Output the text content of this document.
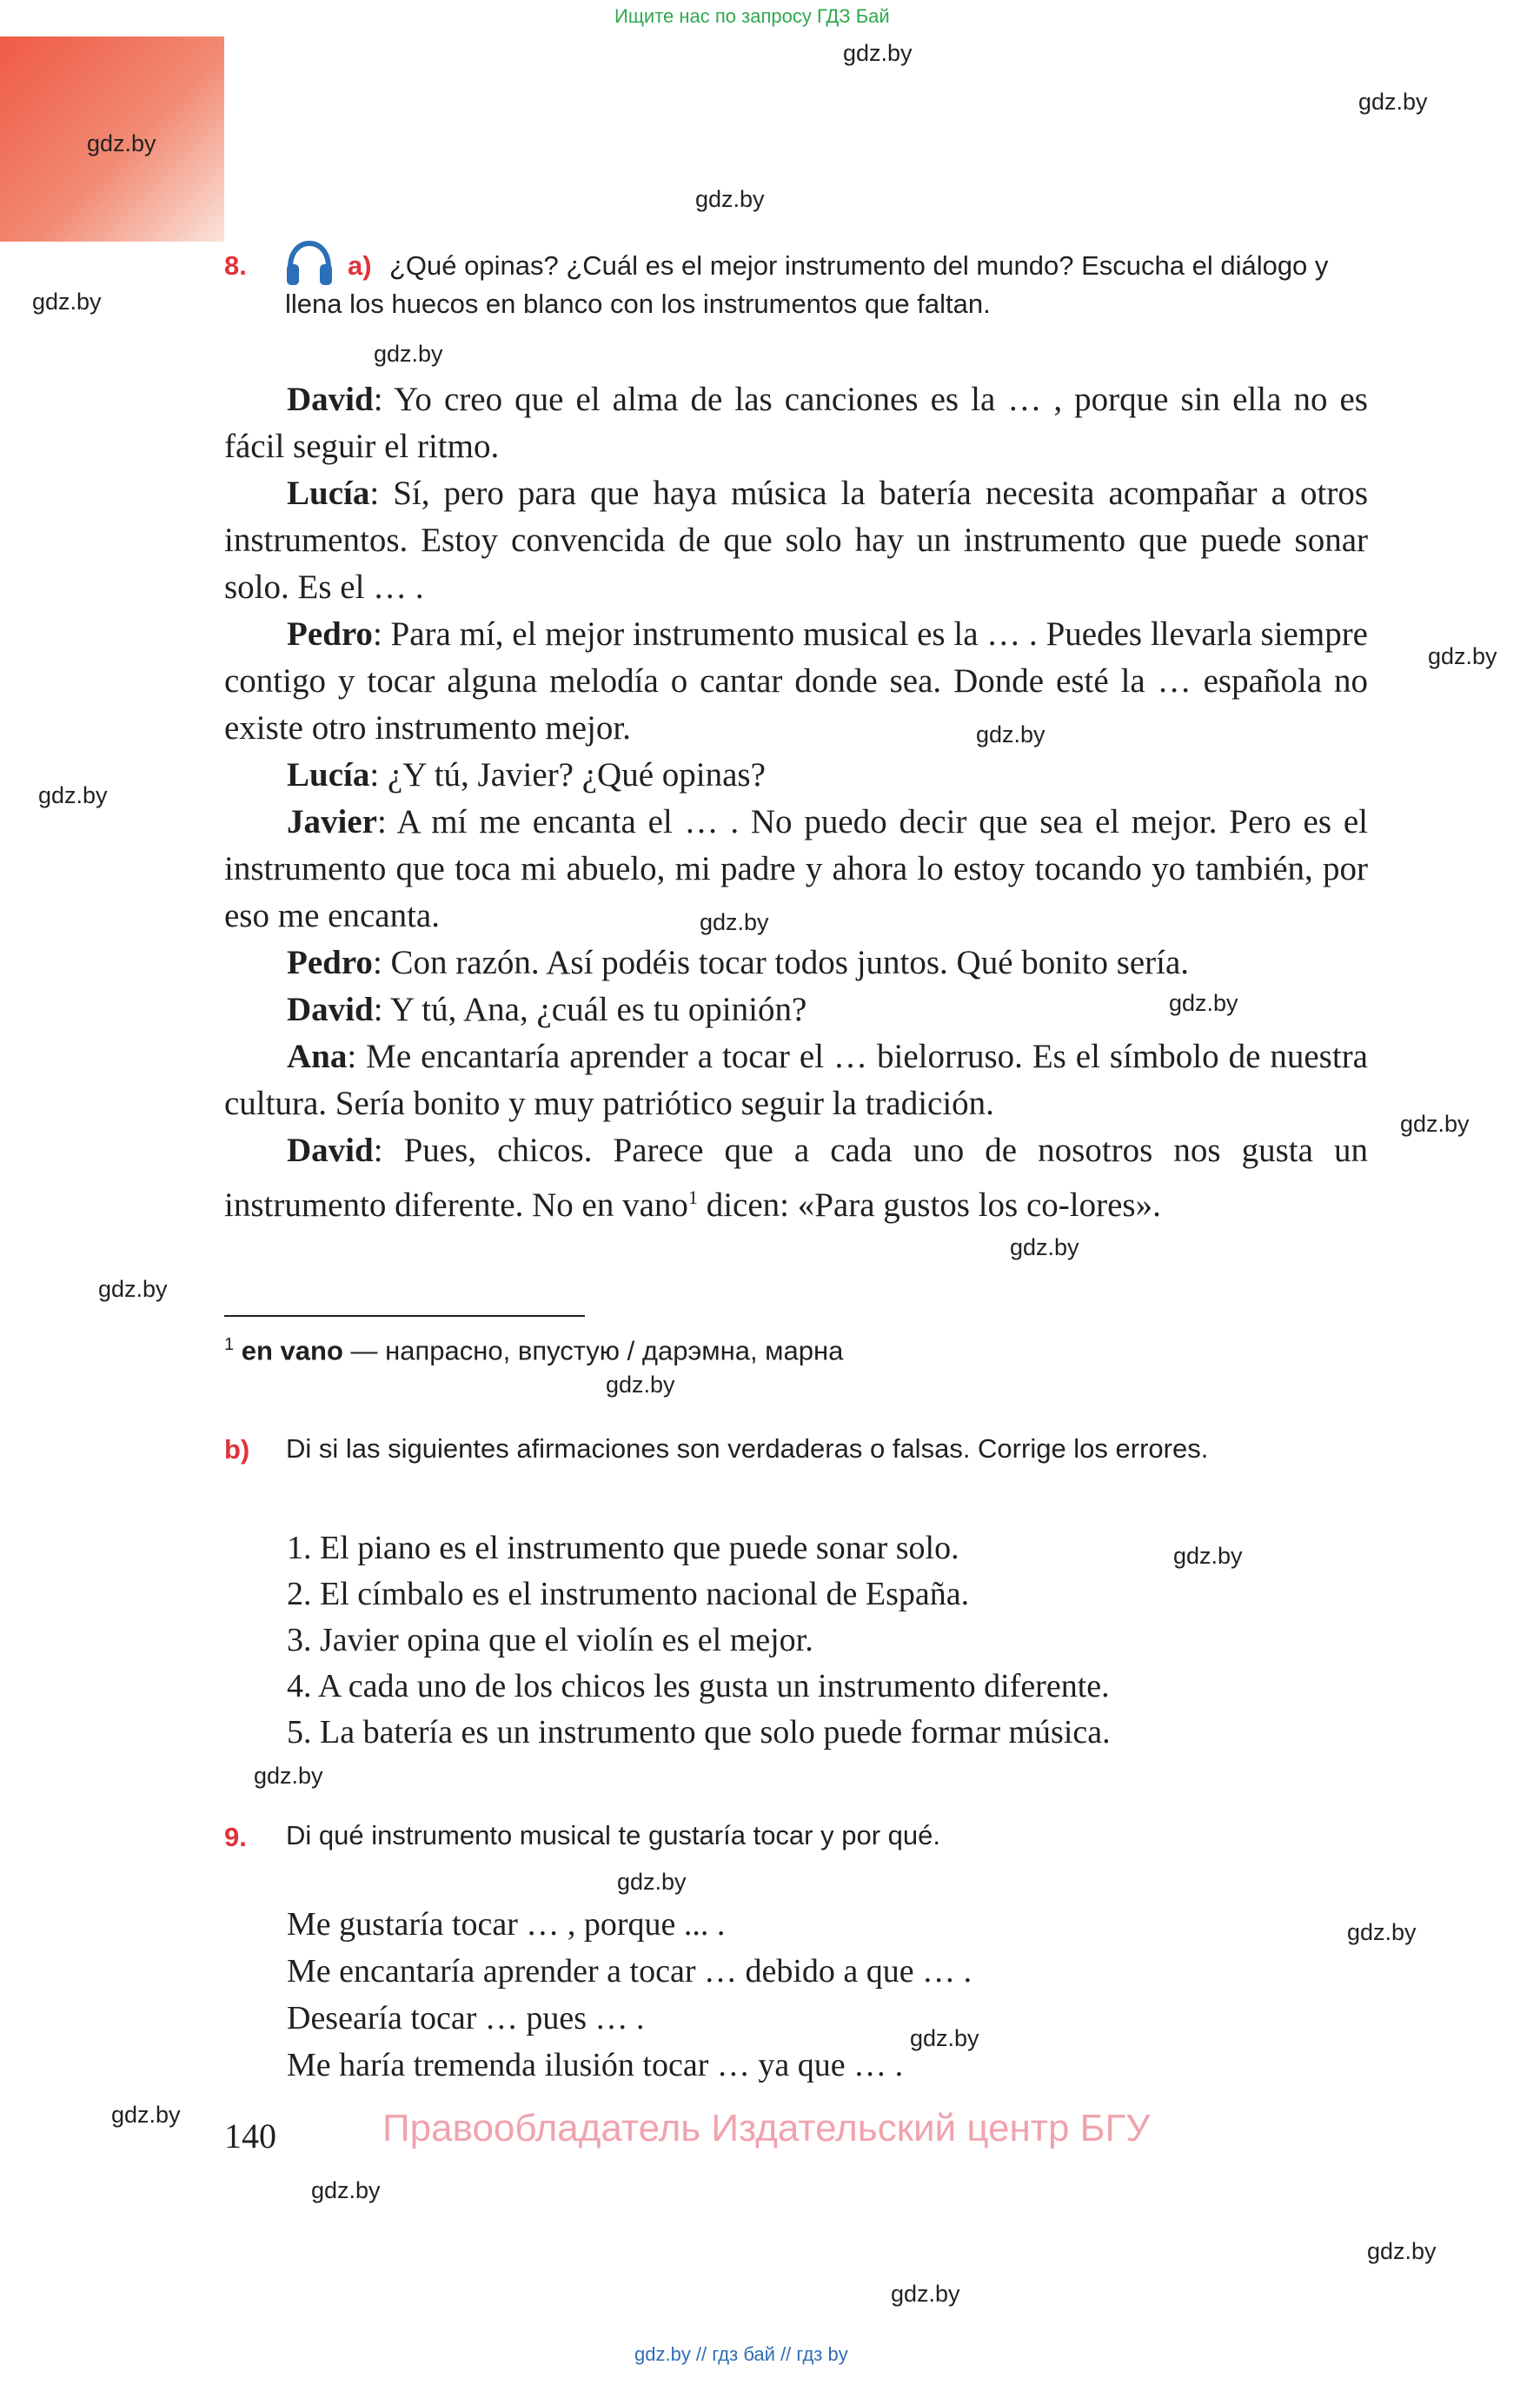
Ищите нас по запросу ГДЗ Бай
gdz.by
gdz.by
gdz.by
gdz.by
gdz.by
gdz.by
gdz.by
gdz.by
gdz.by
gdz.by
gdz.by
gdz.by
gdz.by
gdz.by
gdz.by
gdz.by
gdz.by
gdz.by
gdz.by
gdz.by
gdz.by
gdz.by
gdz.by
gdz.by
8.	a) ¿Qué opinas? ¿Cuál es el mejor instrumento del mundo? Escucha el diálogo y llena los huecos en blanco con los instrumentos que faltan.

David: Yo creo que el alma de las canciones es la … , porque sin ella no es fácil seguir el ritmo.

Lucía: Sí, pero para que haya música la batería necesita acompañar a otros instrumentos. Estoy convencida de que solo hay un instrumento que puede sonar solo. Es el … .

Pedro: Para mí, el mejor instrumento musical es la … . Puedes llevarla siempre contigo y tocar alguna melodía o cantar donde sea. Donde esté la … española no existe otro instrumento mejor.

Lucía: ¿Y tú, Javier? ¿Qué opinas?

Javier: A mí me encanta el … . No puedo decir que sea el mejor. Pero es el instrumento que toca mi abuelo, mi padre y ahora lo estoy tocando yo también, por eso me encanta.

Pedro: Con razón. Así podéis tocar todos juntos. Qué bonito sería.

David: Y tú, Ana, ¿cuál es tu opinión?

Ana: Me encantaría aprender a tocar el … bielorruso. Es el símbolo de nuestra cultura. Sería bonito y muy patriótico seguir la tradición.

David: Pues, chicos. Parece que a cada uno de nosotros nos gusta un instrumento diferente. No en vano$^1$ dicen: «Para gustos los co-lores».

$^1$ en vano — напрасно, впустую / дарэмна, марна
b) Di si las siguientes afirmaciones son verdaderas o falsas. Corrige los errores.
1. El piano es el instrumento que puede sonar solo.
2. El címbalo es el instrumento nacional de España.
3. Javier opina que el violín es el mejor.
4. A cada uno de los chicos les gusta un instrumento diferente.
5. La batería es un instrumento que solo puede formar música.
9. Di qué instrumento musical te gustaría tocar y por qué.
Me gustaría tocar … , porque ... .
Me encantaría aprender a tocar … debido a que … .
Desearía tocar … pues … .
Me haría tremenda ilusión tocar … ya que … .
140	Правообладатель Издательский центр БГУ
gdz.by // гдз бай // гдз by
